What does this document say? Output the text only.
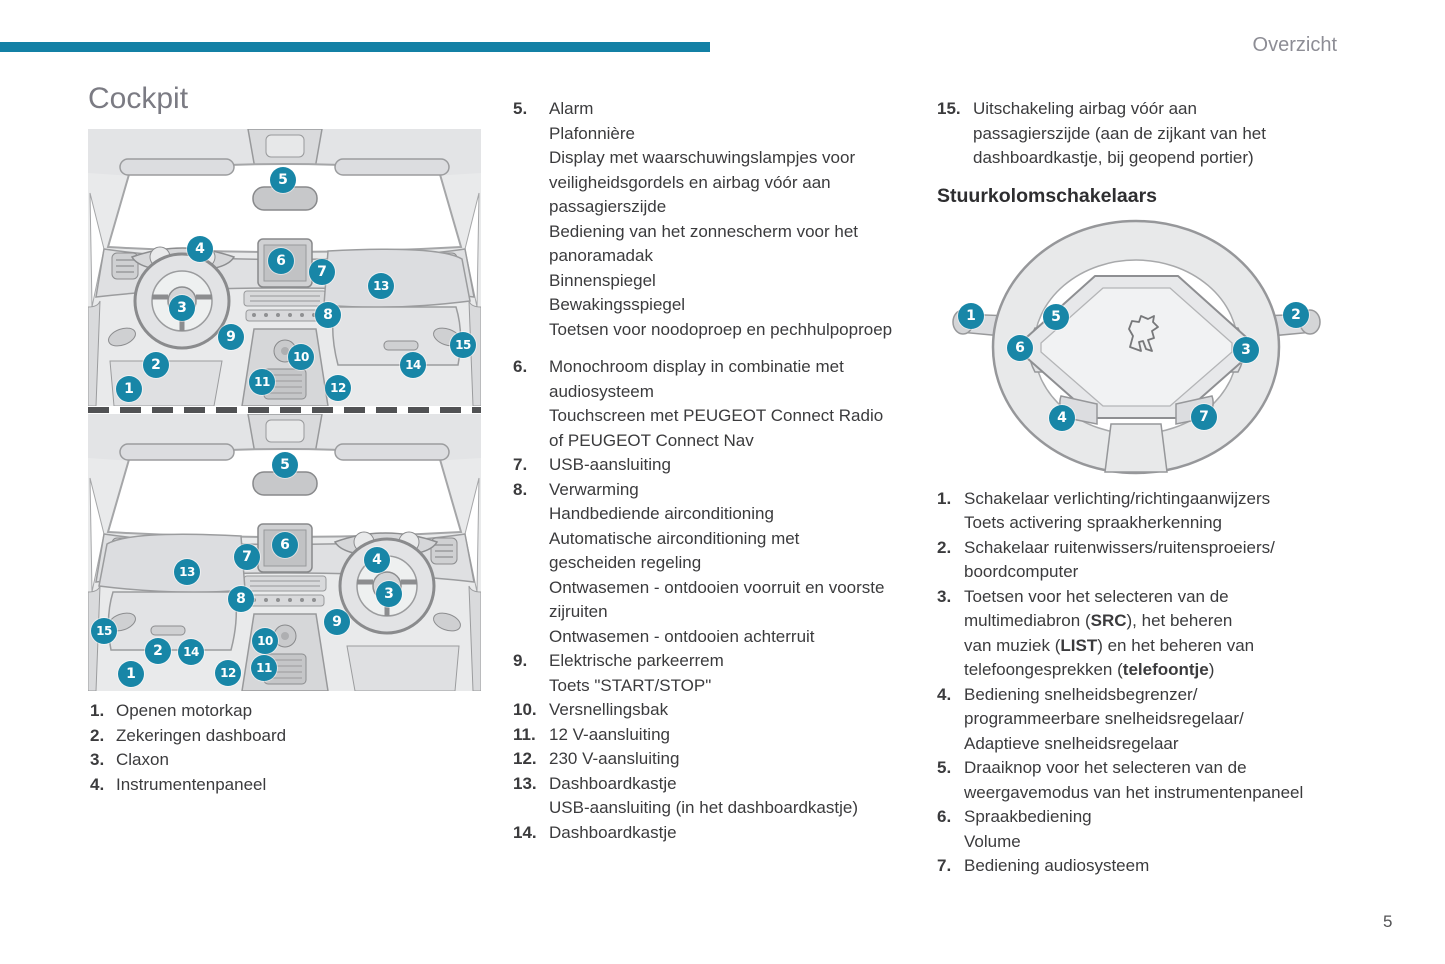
Overzicht
Cockpit
1
2
3
4
5
6
7
8
9
10
11	12
13
14
15
1
2
3
4
5
6
7
8
9
10
11
12
13
14
15
1. Openen motorkap
2. Zekeringen dashboard
3. Claxon
4. Instrumentenpaneel
5.	Alarm
Plafonnière
Display met waarschuwingslampjes voor
veiligheidsgordels en airbag vóór aan
passagierszijde
Bediening van het zonnescherm voor het
panoramadak
Binnenspiegel
Bewakingsspiegel
Toetsen voor noodoproep en pechhulpoproep
6.	Monochroom display in combinatie met
audiosysteem
Touchscreen met PEUGEOT Connect Radio
of PEUGEOT Connect Nav
7.	USB-aansluiting
8.	Verwarming
Handbediende airconditioning
Automatische airconditioning met
gescheiden regeling
Ontwasemen - ontdooien voorruit en voorste
zijruiten
Ontwasemen - ontdooien achterruit
9.	Elektrische parkeerrem
Toets "START/STOP"
10. Versnellingsbak
11. 12 V-aansluiting
12. 230 V-aansluiting
13. Dashboardkastje
USB-aansluiting (in het dashboardkastje)
14. Dashboardkastje
15. Uitschakeling airbag vóór aan
passagierszijde (aan de zijkant van het
dashboardkastje, bij geopend portier)
Stuurkolomschakelaars
1	2
3
4
5
6
7
1. Schakelaar verlichting/richtingaanwijzers
Toets activering spraakherkenning
2. Schakelaar ruitenwissers/ruitensproeiers/
boordcomputer
3. Toetsen voor het selecteren van de
multimediabron (SRC), het beheren
van muziek (LIST) en het beheren van
telefoongesprekken (telefoontje)
4. Bediening snelheidsbegrenzer/
programmeerbare snelheidsregelaar/
Adaptieve snelheidsregelaar
5. Draaiknop voor het selecteren van de
weergavemodus van het instrumentenpaneel
6. Spraakbediening
Volume
7. Bediening audiosysteem
5
